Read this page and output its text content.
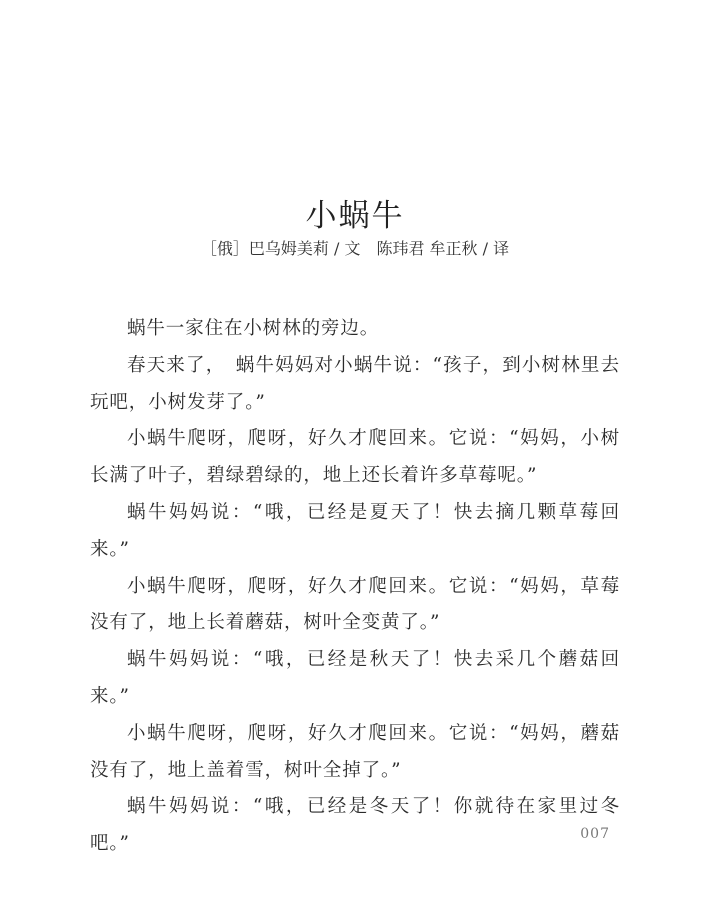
小蜗牛
［俄］巴乌姆美莉 / 文　陈玮君 牟正秋 / 译

蜗牛一家住在小树林的旁边。

春天来了，　蜗牛妈妈对小蜗牛说：“孩子，到小树林里去玩吧，小树发芽了。”

小蜗牛爬呀，爬呀，好久才爬回来。它说：“妈妈，小树长满了叶子，碧绿碧绿的，地上还长着许多草莓呢。”

蜗牛妈妈说：“哦，已经是夏天了！快去摘几颗草莓回来。”

小蜗牛爬呀，爬呀，好久才爬回来。它说：“妈妈，草莓没有了，地上长着蘑菇，树叶全变黄了。”

蜗牛妈妈说：“哦，已经是秋天了！快去采几个蘑菇回来。”

小蜗牛爬呀，爬呀，好久才爬回来。它说：“妈妈，蘑菇没有了，地上盖着雪，树叶全掉了。”

蜗牛妈妈说：“哦，已经是冬天了！你就待在家里过冬吧。”	007
